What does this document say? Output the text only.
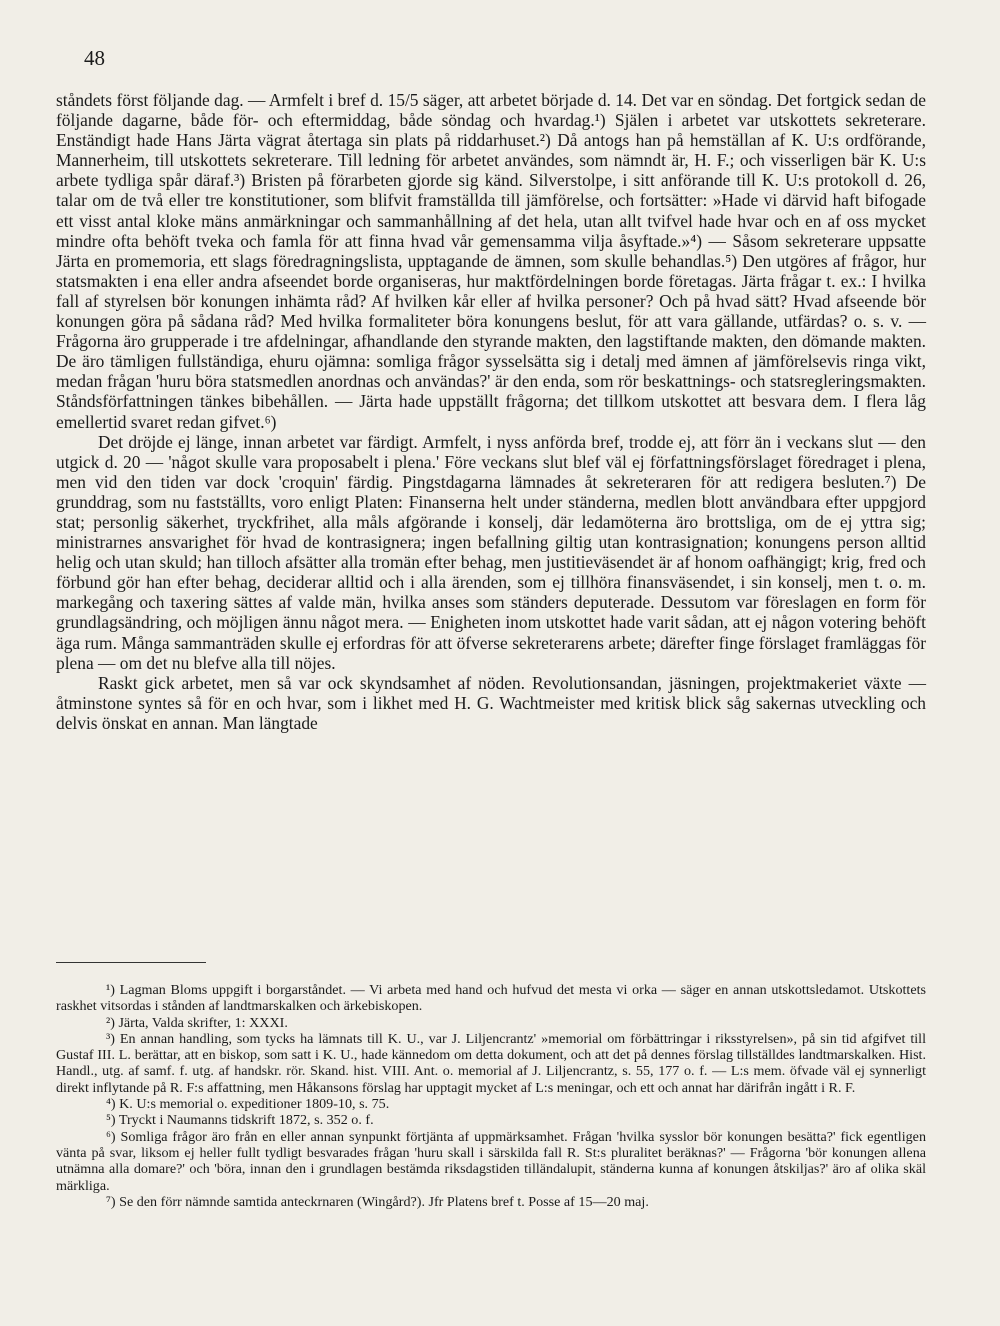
48

ståndets först följande dag. — Armfelt i bref d. 15/5 säger, att arbetet började d. 14. Det var en söndag. Det fortgick sedan de följande dagarne, både för- och eftermiddag, både söndag och hvardag.¹) Själen i arbetet var utskottets sekreterare. Enständigt hade Hans Järta vägrat återtaga sin plats på riddarhuset.²) Då antogs han på hemställan af K. U:s ordförande, Mannerheim, till utskottets sekreterare. Till ledning för arbetet användes, som nämndt är, H. F.; och visserligen bär K. U:s arbete tydliga spår däraf.³) Bristen på förarbeten gjorde sig känd. Silverstolpe, i sitt anförande till K. U:s protokoll d. 26, talar om de två eller tre konstitutioner, som blifvit framställda till jämförelse, och fortsätter: »Hade vi därvid haft bifogade ett visst antal kloke mäns anmärkningar och sammanhållning af det hela, utan allt tvifvel hade hvar och en af oss mycket mindre ofta behöft tveka och famla för att finna hvad vår gemensamma vilja åsyftade.»⁴) — Såsom sekreterare uppsatte Järta en promemoria, ett slags föredragningslista, upptagande de ämnen, som skulle behandlas.⁵) Den utgöres af frågor, hur statsmakten i ena eller andra afseendet borde organiseras, hur maktfördelningen borde företagas. Järta frågar t. ex.: I hvilka fall af styrelsen bör konungen inhämta råd? Af hvilken kår eller af hvilka personer? Och på hvad sätt? Hvad afseende bör konungen göra på sådana råd? Med hvilka formaliteter böra konungens beslut, för att vara gällande, utfärdas? o. s. v. — Frågorna äro grupperade i tre afdelningar, afhandlande den styrande makten, den lagstiftande makten, den dömande makten. De äro tämligen fullständiga, ehuru ojämna: somliga frågor sysselsätta sig i detalj med ämnen af jämförelsevis ringa vikt, medan frågan 'huru böra statsmedlen anordnas och användas?' är den enda, som rör beskattnings- och statsregleringsmakten. Ståndsförfattningen tänkes bibehållen. — Järta hade uppställt frågorna; det tillkom utskottet att besvara dem. I flera låg emellertid svaret redan gifvet.⁶)

Det dröjde ej länge, innan arbetet var färdigt. Armfelt, i nyss anförda bref, trodde ej, att förr än i veckans slut — den utgick d. 20 — 'något skulle vara proposabelt i plena.' Före veckans slut blef väl ej författningsförslaget föredraget i plena, men vid den tiden var dock 'croquin' färdig. Pingstdagarna lämnades åt sekreteraren för att redigera besluten.⁷) De grunddrag, som nu fastställts, voro enligt Platen: Finanserna helt under ständerna, medlen blott användbara efter uppgjord stat; personlig säkerhet, tryckfrihet, alla måls afgörande i konselj, där ledamöterna äro brottsliga, om de ej yttra sig; ministrarnes ansvarighet för hvad de kontrasignera; ingen befallning giltig utan kontrasignation; konungens person alltid helig och utan skuld; han tilloch afsätter alla tromän efter behag, men justitieväsendet är af honom oafhängigt; krig, fred och förbund gör han efter behag, deciderar alltid och i alla ärenden, som ej tillhöra finansväsendet, i sin konselj, men t. o. m. markegång och taxering sättes af valde män, hvilka anses som ständers deputerade. Dessutom var föreslagen en form för grundlagsändring, och möjligen ännu något mera. — Enigheten inom utskottet hade varit sådan, att ej någon votering behöft äga rum. Många sammanträden skulle ej erfordras för att öfverse sekreterarens arbete; därefter finge förslaget framläggas för plena — om det nu blefve alla till nöjes.

Raskt gick arbetet, men så var ock skyndsamhet af nöden. Revolutionsandan, jäsningen, projektmakeriet växte — åtminstone syntes så för en och hvar, som i likhet med H. G. Wachtmeister med kritisk blick såg sakernas utveckling och delvis önskat en annan. Man längtade

¹) Lagman Bloms uppgift i borgarståndet. — Vi arbeta med hand och hufvud det mesta vi orka — säger en annan utskottsledamot. Utskottets raskhet vitsordas i stånden af landtmarskalken och ärkebiskopen.

²) Järta, Valda skrifter, 1: XXXI.

³) En annan handling, som tycks ha lämnats till K. U., var J. Liljencrantz' »memorial om förbättringar i riksstyrelsen», på sin tid afgifvet till Gustaf III. L. berättar, att en biskop, som satt i K. U., hade kännedom om detta dokument, och att det på dennes förslag tillställdes landtmarskalken. Hist. Handl., utg. af samf. f. utg. af handskr. rör. Skand. hist. VIII. Ant. o. memorial af J. Liljencrantz, s. 55, 177 o. f. — L:s mem. öfvade väl ej synnerligt direkt inflytande på R. F:s affattning, men Håkansons förslag har upptagit mycket af L:s meningar, och ett och annat har därifrån ingått i R. F.

⁴) K. U:s memorial o. expeditioner 1809-10, s. 75.

⁵) Tryckt i Naumanns tidskrift 1872, s. 352 o. f.

⁶) Somliga frågor äro från en eller annan synpunkt förtjänta af uppmärksamhet. Frågan 'hvilka sysslor bör konungen besätta?' fick egentligen vänta på svar, liksom ej heller fullt tydligt besvarades frågan 'huru skall i särskilda fall R. St:s pluralitet beräknas?' — Frågorna 'bör konungen allena utnämna alla domare?' och 'böra, innan den i grundlagen bestämda riksdagstiden tilländalupit, ständerna kunna af konungen åtskiljas?' äro af olika skäl märkliga.

⁷) Se den förr nämnde samtida anteckrnaren (Wingård?). Jfr Platens bref t. Posse af 15—20 maj.
